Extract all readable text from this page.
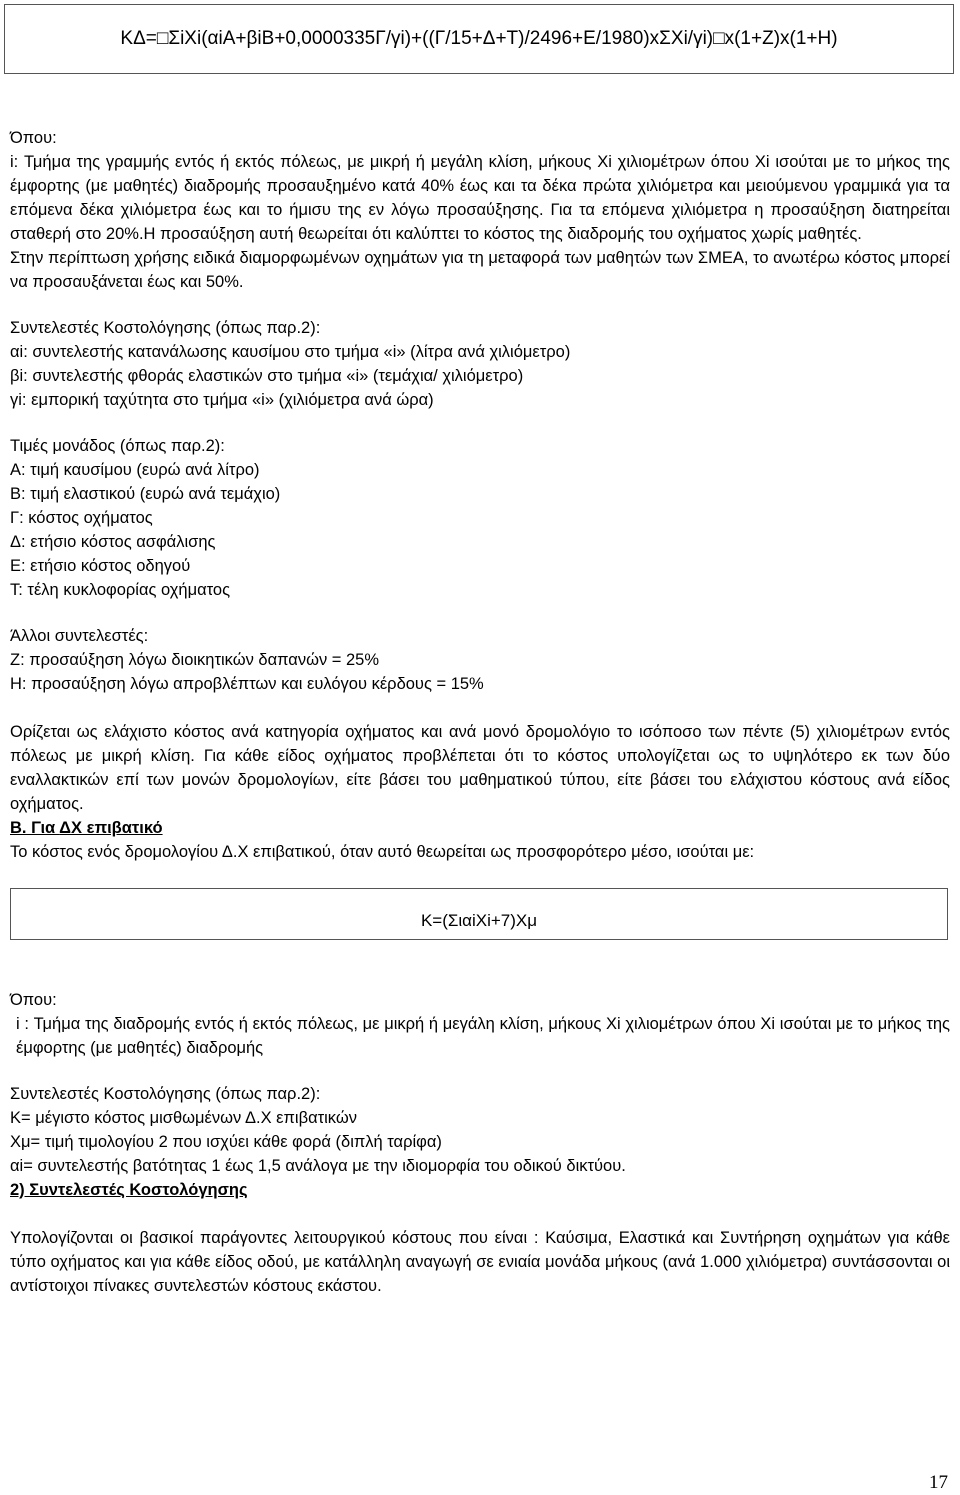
ΚΔ=□ΣiXi(αiA+βiB+0,0000335Γ/γi)+((Γ/15+Δ+Τ)/2496+Ε/1980)xΣXi/γi)□x(1+Z)x(1+H)

Όπου:

i: Τμήμα της γραμμής εντός ή εκτός πόλεως, με μικρή ή μεγάλη κλίση, μήκους Xi χιλιομέτρων όπου Xi ισούται με το μήκος της έμφορτης (με μαθητές) διαδρομής προσαυξημένο κατά 40% έως και τα δέκα πρώτα χιλιόμετρα και μειούμενου γραμμικά για τα επόμενα δέκα χιλιόμετρα έως και το ήμισυ της εν λόγω προσαύξησης. Για τα επόμενα χιλιόμετρα η προσαύξηση διατηρείται σταθερή στο 20%.Η προσαύξηση αυτή θεωρείται ότι καλύπτει το κόστος της διαδρομής του οχήματος χωρίς μαθητές.

Στην περίπτωση χρήσης ειδικά διαμορφωμένων οχημάτων για τη μεταφορά των μαθητών των ΣΜΕΑ, το ανωτέρω κόστος μπορεί να προσαυξάνεται έως και 50%.

Συντελεστές Κοστολόγησης (όπως παρ.2):

αi: συντελεστής κατανάλωσης καυσίμου στο τμήμα «i» (λίτρα ανά χιλιόμετρο)

βi: συντελεστής φθοράς ελαστικών στο τμήμα «i» (τεμάχια/ χιλιόμετρο)

γi: εμπορική ταχύτητα στο τμήμα «i» (χιλιόμετρα ανά ώρα)

Τιμές μονάδος (όπως παρ.2):

Α: τιμή καυσίμου (ευρώ ανά λίτρο)

Β: τιμή ελαστικού (ευρώ ανά τεμάχιο)

Γ: κόστος οχήματος

Δ: ετήσιο κόστος ασφάλισης

Ε: ετήσιο κόστος οδηγού

Τ: τέλη κυκλοφορίας οχήματος

Άλλοι συντελεστές:

Ζ: προσαύξηση λόγω διοικητικών δαπανών = 25%

Η: προσαύξηση λόγω απροβλέπτων και ευλόγου κέρδους = 15%

Ορίζεται ως ελάχιστο κόστος ανά κατηγορία οχήματος και ανά μονό δρομολόγιο το ισόποσο των πέντε (5) χιλιομέτρων εντός πόλεως με μικρή κλίση. Για κάθε είδος οχήματος προβλέπεται ότι το κόστος υπολογίζεται ως το υψηλότερο εκ των δύο εναλλακτικών επί των μονών δρομολογίων, είτε βάσει του μαθηματικού τύπου, είτε βάσει του ελάχιστου κόστους ανά είδος οχήματος.

Β. Για ΔΧ επιβατικό

Το κόστος ενός δρομολογίου Δ.Χ επιβατικού, όταν αυτό θεωρείται ως προσφορότερο μέσο, ισούται με:

Κ=(ΣιαiΧi+7)Χμ

Όπου:

i : Τμήμα της διαδρομής εντός ή εκτός πόλεως, με μικρή ή μεγάλη κλίση, μήκους Χi χιλιομέτρων όπου Χi ισούται με το μήκος της έμφορτης (με μαθητές) διαδρομής

Συντελεστές Κοστολόγησης (όπως παρ.2):

Κ= μέγιστο κόστος μισθωμένων Δ.Χ επιβατικών

Χμ= τιμή τιμολογίου 2 που ισχύει κάθε φορά (διπλή ταρίφα)

αi= συντελεστής βατότητας 1 έως 1,5 ανάλογα με την ιδιομορφία του οδικού δικτύου.

2) Συντελεστές Κοστολόγησης

Υπολογίζονται οι βασικοί παράγοντες λειτουργικού κόστους που είναι : Καύσιμα, Ελαστικά και Συντήρηση οχημάτων για κάθε τύπο οχήματος και για κάθε είδος οδού, με κατάλληλη αναγωγή σε ενιαία μονάδα μήκους (ανά 1.000 χιλιόμετρα) συντάσσονται οι αντίστοιχοι πίνακες συντελεστών κόστους εκάστου.

17
